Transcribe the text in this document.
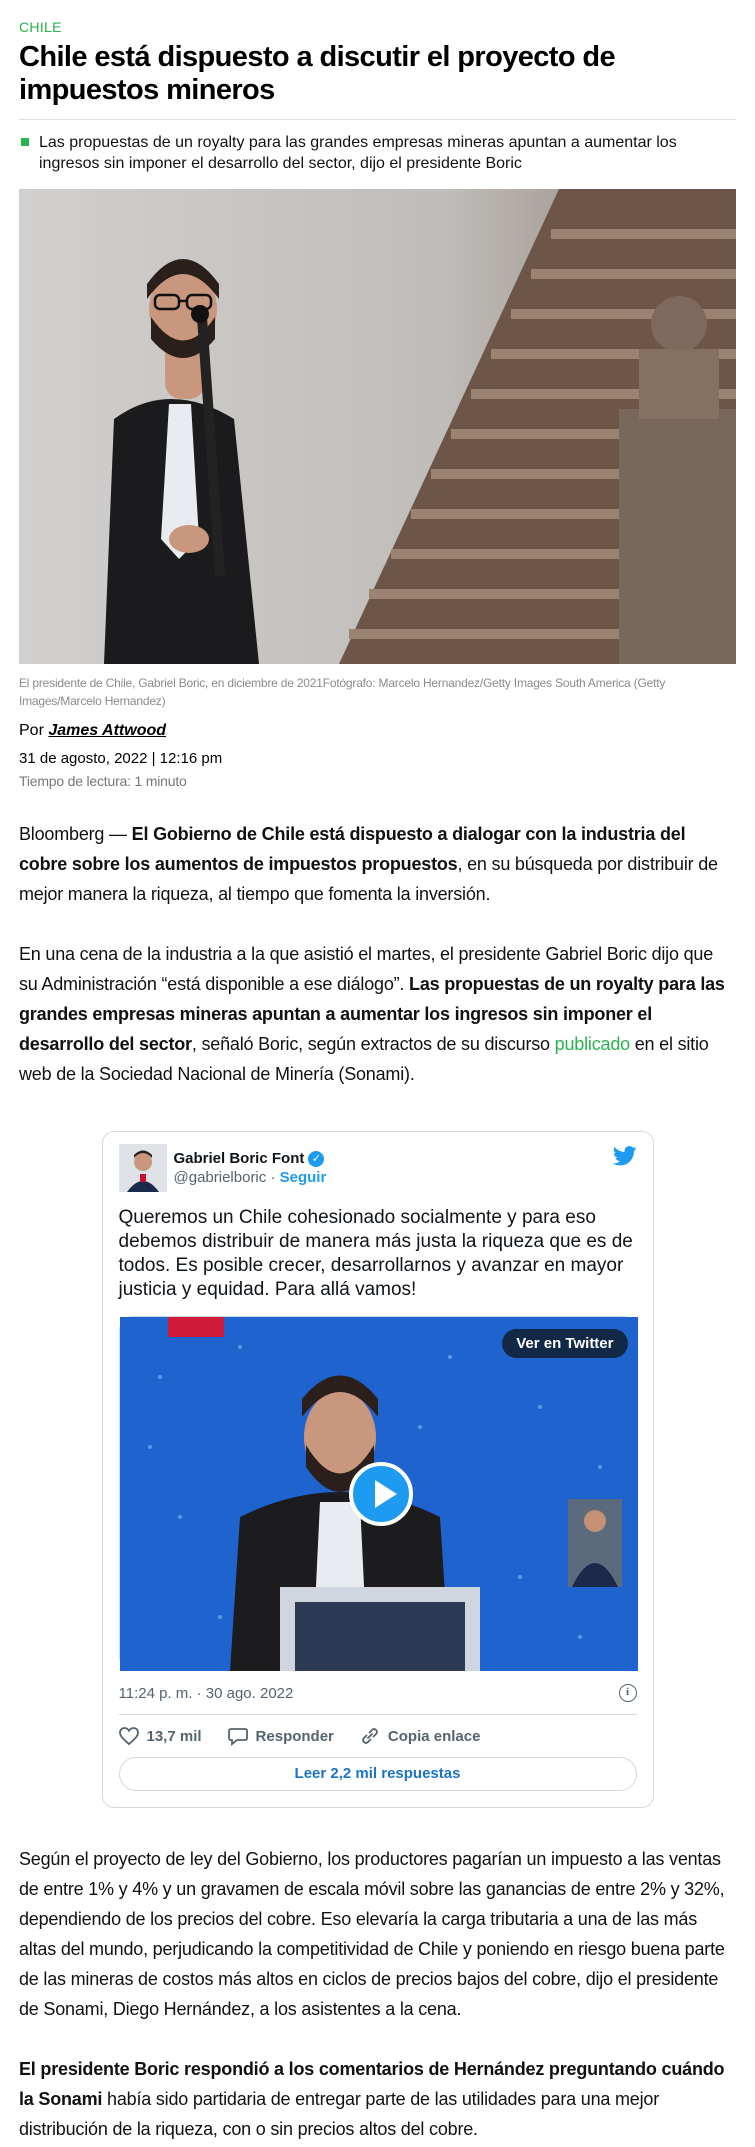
CHILE
Chile está dispuesto a discutir el proyecto de impuestos mineros
Las propuestas de un royalty para las grandes empresas mineras apuntan a aumentar los ingresos sin imponer el desarrollo del sector, dijo el presidente Boric

El presidente de Chile, Gabriel Boric, en diciembre de 2021Fotógrafo: Marcelo Hernandez/Getty Images South America (Getty Images/Marcelo Hernandez)

Por James Attwood
31 de agosto, 2022 | 12:16 pm
Tiempo de lectura: 1 minuto

Bloomberg — El Gobierno de Chile está dispuesto a dialogar con la industria del cobre sobre los aumentos de impuestos propuestos, en su búsqueda por distribuir de mejor manera la riqueza, al tiempo que fomenta la inversión.

En una cena de la industria a la que asistió el martes, el presidente Gabriel Boric dijo que su Administración “está disponible a ese diálogo”. Las propuestas de un royalty para las grandes empresas mineras apuntan a aumentar los ingresos sin imponer el desarrollo del sector, señaló Boric, según extractos de su discurso publicado en el sitio web de la Sociedad Nacional de Minería (Sonami).

Gabriel Boric Font ✓
@gabrielboric · Seguir

Queremos un Chile cohesionado socialmente y para eso debemos distribuir de manera más justa la riqueza que es de todos. Es posible crecer, desarrollarnos y avanzar en mayor justicia y equidad. Para allá vamos!

Ver en Twitter
11:24 p. m. · 30 ago. 2022	i
13,7 mil	Responder	Copia enlace
Leer 2,2 mil respuestas

Según el proyecto de ley del Gobierno, los productores pagarían un impuesto a las ventas de entre 1% y 4% y un gravamen de escala móvil sobre las ganancias de entre 2% y 32%, dependiendo de los precios del cobre. Eso elevaría la carga tributaria a una de las más altas del mundo, perjudicando la competitividad de Chile y poniendo en riesgo buena parte de las mineras de costos más altos en ciclos de precios bajos del cobre, dijo el presidente de Sonami, Diego Hernández, a los asistentes a la cena.

El presidente Boric respondió a los comentarios de Hernández preguntando cuándo la Sonami había sido partidaria de entregar parte de las utilidades para una mejor distribución de la riqueza, con o sin precios altos del cobre.
